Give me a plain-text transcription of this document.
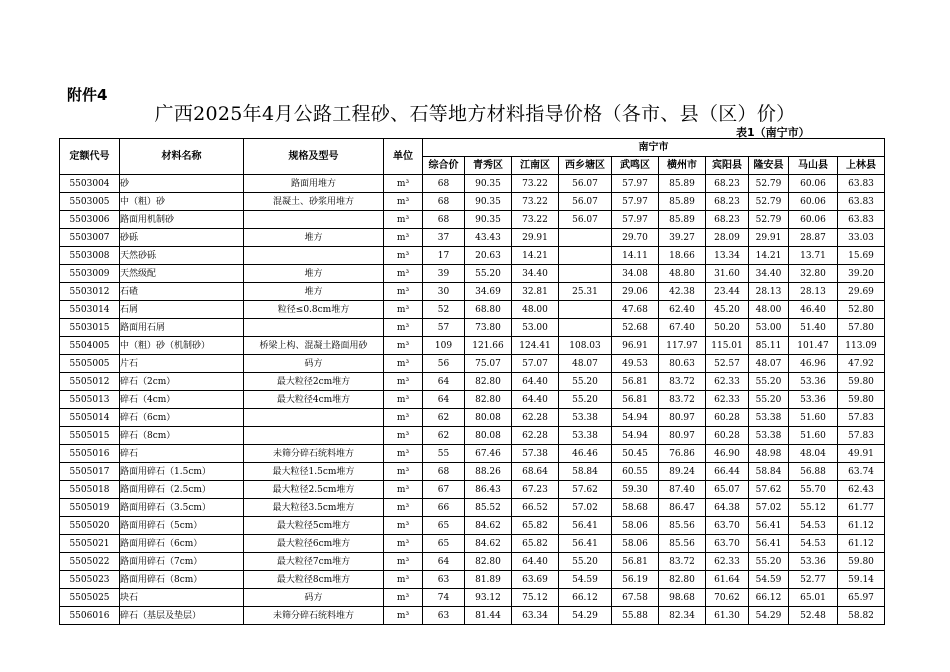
附件4
广西2025年4月公路工程砂、石等地方材料指导价格（各市、县（区）价）
表1（南宁市）
定额代号	材料名称	规格及型号	单位	南宁市									
				综合价	青秀区	江南区	西乡塘区	武鸣区	横州市	宾阳县	隆安县	马山县	上林县
5503004	砂	路面用堆方	m³	68	90.35	73.22	56.07	57.97	85.89	68.23	52.79	60.06	63.83
5503005	中（粗）砂	混凝土、砂浆用堆方	m³	68	90.35	73.22	56.07	57.97	85.89	68.23	52.79	60.06	63.83
5503006	路面用机制砂		m³	68	90.35	73.22	56.07	57.97	85.89	68.23	52.79	60.06	63.83
5503007	砂砾	堆方	m³	37	43.43	29.91		29.70	39.27	28.09	29.91	28.87	33.03
5503008	天然砂砾		m³	17	20.63	14.21		14.11	18.66	13.34	14.21	13.71	15.69
5503009	天然级配	堆方	m³	39	55.20	34.40		34.08	48.80	31.60	34.40	32.80	39.20
5503012	石碴	堆方	m³	30	34.69	32.81	25.31	29.06	42.38	23.44	28.13	28.13	29.69
5503014	石屑	粒径≤0.8cm堆方	m³	52	68.80	48.00		47.68	62.40	45.20	48.00	46.40	52.80
5503015	路面用石屑		m³	57	73.80	53.00		52.68	67.40	50.20	53.00	51.40	57.80
5504005	中（粗）砂（机制砂）	桥梁上构、混凝土路面用砂	m³	109	121.66	124.41	108.03	96.91	117.97	115.01	85.11	101.47	113.09
5505005	片石	码方	m³	56	75.07	57.07	48.07	49.53	80.63	52.57	48.07	46.96	47.92
5505012	碎石（2cm）	最大粒径2cm堆方	m³	64	82.80	64.40	55.20	56.81	83.72	62.33	55.20	53.36	59.80
5505013	碎石（4cm）	最大粒径4cm堆方	m³	64	82.80	64.40	55.20	56.81	83.72	62.33	55.20	53.36	59.80
5505014	碎石（6cm）		m³	62	80.08	62.28	53.38	54.94	80.97	60.28	53.38	51.60	57.83
5505015	碎石（8cm）		m³	62	80.08	62.28	53.38	54.94	80.97	60.28	53.38	51.60	57.83
5505016	碎石	未筛分碎石统料堆方	m³	55	67.46	57.38	46.46	50.45	76.86	46.90	48.98	48.04	49.91
5505017	路面用碎石（1.5cm）	最大粒径1.5cm堆方	m³	68	88.26	68.64	58.84	60.55	89.24	66.44	58.84	56.88	63.74
5505018	路面用碎石（2.5cm）	最大粒径2.5cm堆方	m³	67	86.43	67.23	57.62	59.30	87.40	65.07	57.62	55.70	62.43
5505019	路面用碎石（3.5cm）	最大粒径3.5cm堆方	m³	66	85.52	66.52	57.02	58.68	86.47	64.38	57.02	55.12	61.77
5505020	路面用碎石（5cm）	最大粒径5cm堆方	m³	65	84.62	65.82	56.41	58.06	85.56	63.70	56.41	54.53	61.12
5505021	路面用碎石（6cm）	最大粒径6cm堆方	m³	65	84.62	65.82	56.41	58.06	85.56	63.70	56.41	54.53	61.12
5505022	路面用碎石（7cm）	最大粒径7cm堆方	m³	64	82.80	64.40	55.20	56.81	83.72	62.33	55.20	53.36	59.80
5505023	路面用碎石（8cm）	最大粒径8cm堆方	m³	63	81.89	63.69	54.59	56.19	82.80	61.64	54.59	52.77	59.14
5505025	块石	码方	m³	74	93.12	75.12	66.12	67.58	98.68	70.62	66.12	65.01	65.97
5506016	碎石（基层及垫层）	未筛分碎石统料堆方	m³	63	81.44	63.34	54.29	55.88	82.34	61.30	54.29	52.48	58.82
